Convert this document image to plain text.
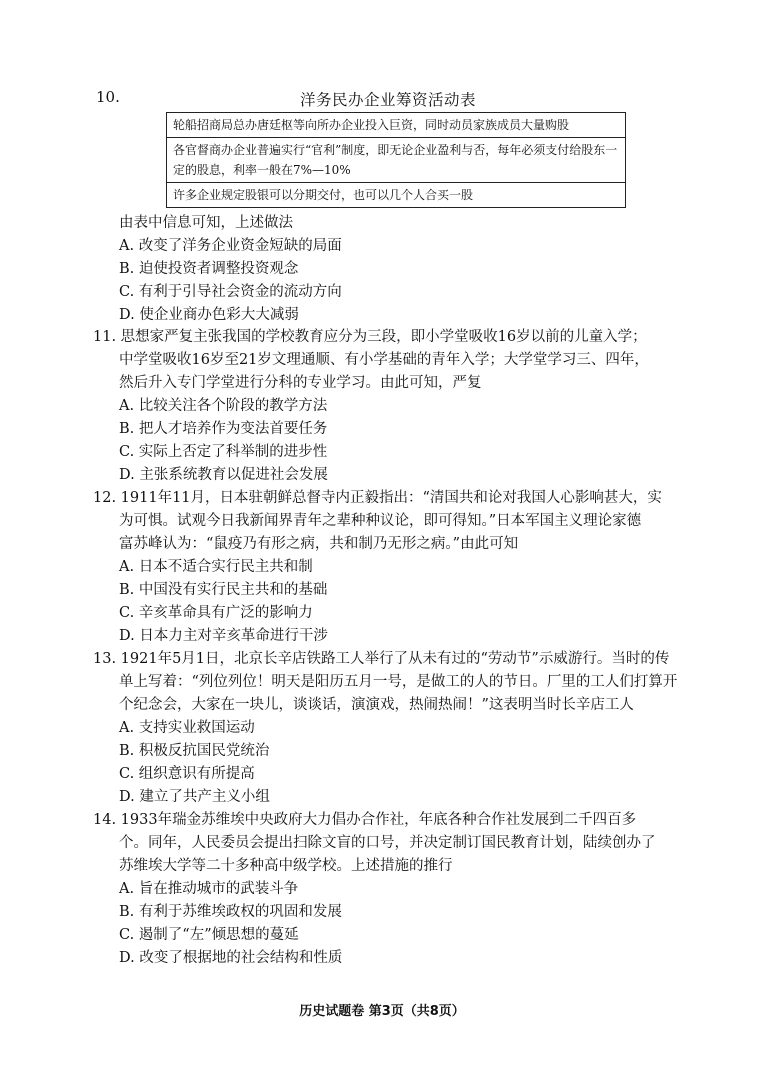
10.	洋务民办企业筹资活动表
轮船招商局总办唐廷枢等向所办企业投入巨资，同时动员家族成员大量购股
各官督商办企业普遍实行“官利”制度，即无论企业盈利与否，每年必须支付给股东一定的股息，利率一般在7%—10%
许多企业规定股银可以分期交付，也可以几个人合买一股
由表中信息可知，上述做法
A. 改变了洋务企业资金短缺的局面
B. 迫使投资者调整投资观念
C. 有利于引导社会资金的流动方向
D. 使企业商办色彩大大减弱
11. 思想家严复主张我国的学校教育应分为三段，即小学堂吸收16岁以前的儿童入学；
中学堂吸收16岁至21岁文理通顺、有小学基础的青年入学；大学堂学习三、四年，
然后升入专门学堂进行分科的专业学习。由此可知，严复
A. 比较关注各个阶段的教学方法
B. 把人才培养作为变法首要任务
C. 实际上否定了科举制的进步性
D. 主张系统教育以促进社会发展
12. 1911年11月，日本驻朝鲜总督寺内正毅指出：“清国共和论对我国人心影响甚大，实
为可惧。试观今日我新闻界青年之辈种种议论，即可得知。”日本军国主义理论家德
富苏峰认为：“鼠疫乃有形之病，共和制乃无形之病。”由此可知
A. 日本不适合实行民主共和制
B. 中国没有实行民主共和的基础
C. 辛亥革命具有广泛的影响力
D. 日本力主对辛亥革命进行干涉
13. 1921年5月1日，北京长辛店铁路工人举行了从未有过的“劳动节”示威游行。当时的传
单上写着：“列位列位！明天是阳历五月一号，是做工的人的节日。厂里的工人们打算开
个纪念会，大家在一块儿，谈谈话，演演戏，热闹热闹！”这表明当时长辛店工人
A. 支持实业救国运动
B. 积极反抗国民党统治
C. 组织意识有所提高
D. 建立了共产主义小组
14. 1933年瑞金苏维埃中央政府大力倡办合作社，年底各种合作社发展到二千四百多
个。同年，人民委员会提出扫除文盲的口号，并决定制订国民教育计划，陆续创办了
苏维埃大学等二十多种高中级学校。上述措施的推行
A. 旨在推动城市的武装斗争
B. 有利于苏维埃政权的巩固和发展
C. 遏制了“左”倾思想的蔓延
D. 改变了根据地的社会结构和性质
历史试题卷 第3页（共8页）
